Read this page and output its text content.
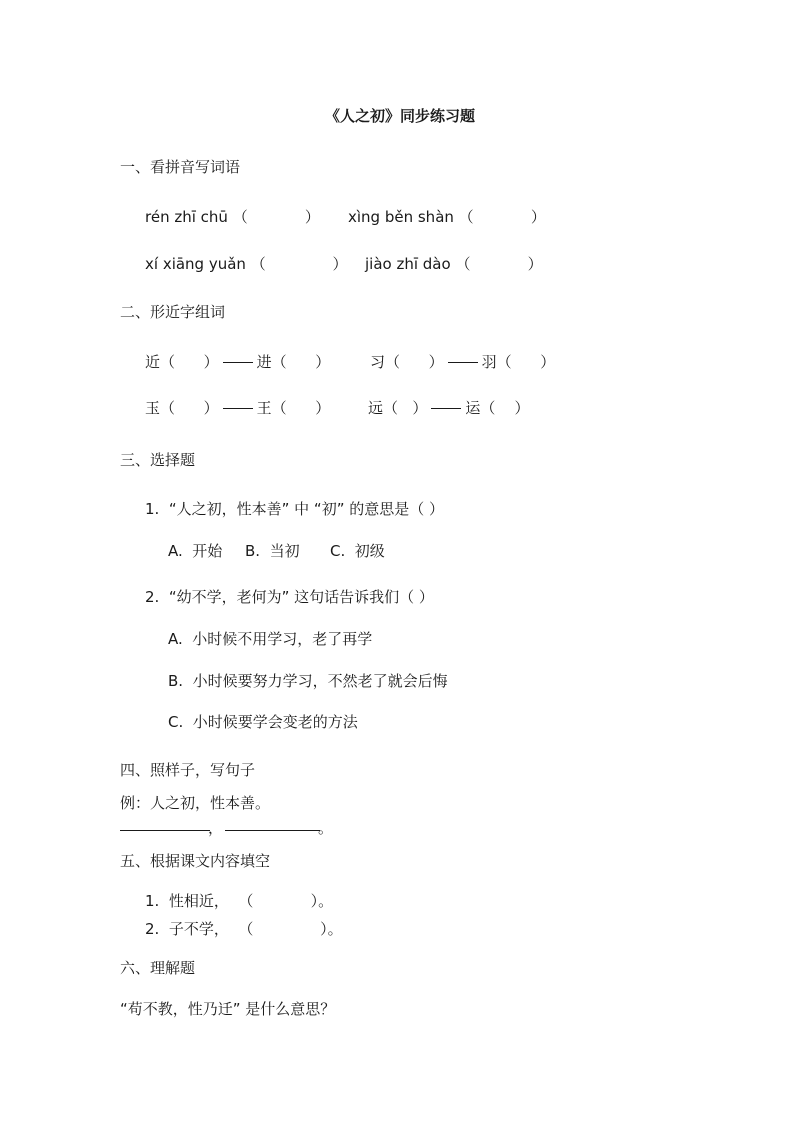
《人之初》同步练习题
一、看拼音写词语
rén zhī chū （            ） xìng běn shàn （            ）
xí xiāng yuǎn （              ） jiào zhī dào （            ）
二、形近字组词
近（ ）	进（ ）	习（ ）	羽（ ）
玉（ ）	王（ ）	远（ ）	运（ ）
三、选择题
1.  “人之初，性本善” 中 “初” 的意思是（ ）
A.  开始 B.  当初 C.  初级
2.  “幼不学，老何为” 这句话告诉我们（ ）
A.  小时候不用学习，老了再学
B.  小时候要努力学习，不然老了就会后悔
C.  小时候要学会变老的方法
四、照样子，写句子
例：人之初，性本善。
，	。
五、根据课文内容填空
1. 性相近， （            ）。
2. 子不学， （              ）。
六、理解题
“苟不教，性乃迁” 是什么意思？
